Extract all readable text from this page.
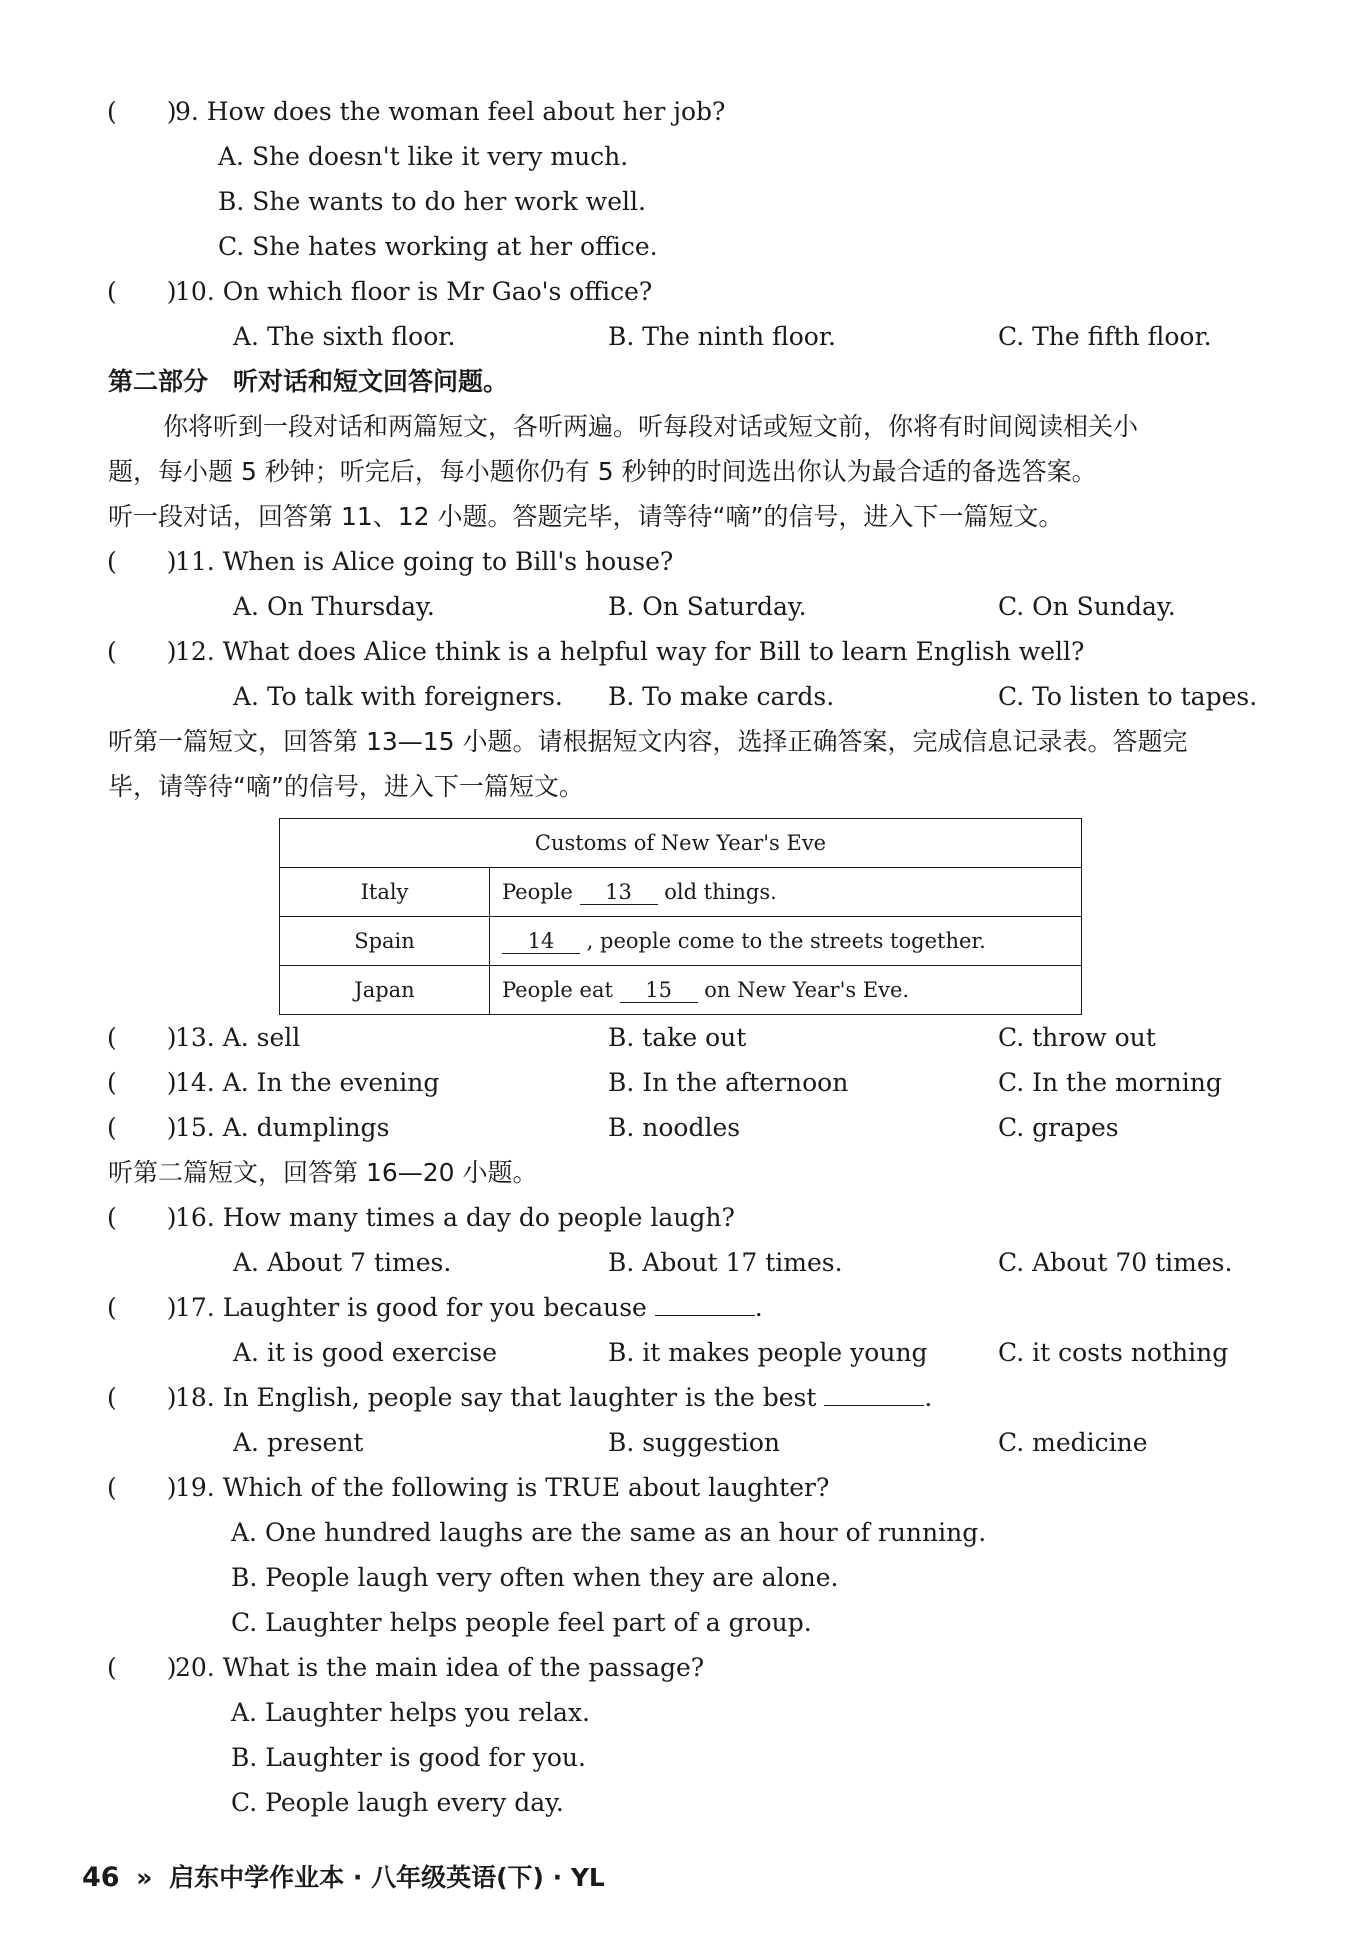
(　　)
9. How does the woman feel about her job?
A. She doesn't like it very much.
B. She wants to do her work well.
C. She hates working at her office.
(　　)
10. On which floor is Mr Gao's office?
A. The sixth floor.	B. The ninth floor.	C. The fifth floor.
第二部分　听对话和短文回答问题。
你将听到一段对话和两篇短文，各听两遍。听每段对话或短文前，你将有时间阅读相关小
题，每小题 5 秒钟；听完后，每小题你仍有 5 秒钟的时间选出你认为最合适的备选答案。
听一段对话，回答第 11、12 小题。答题完毕，请等待“嘀”的信号，进入下一篇短文。
(　　)
11. When is Alice going to Bill's house?
A. On Thursday.	B. On Saturday.	C. On Sunday.
(　　)
12. What does Alice think is a helpful way for Bill to learn English well?
A. To talk with foreigners. B. To make cards.	C. To listen to tapes.
听第一篇短文，回答第 13—15 小题。请根据短文内容，选择正确答案，完成信息记录表。答题完
毕，请等待“嘀”的信号，进入下一篇短文。
Customs of New Year's Eve	
Italy	People 13 old things.
Spain	14 , people come to the streets together.
Japan	People eat 15 on New Year's Eve.
(　　)
13. A. sell	B. take out	C. throw out
(　　)
14. A. In the evening	B. In the afternoon	C. In the morning
(　　)
15. A. dumplings	B. noodles	C. grapes
听第二篇短文，回答第 16—20 小题。
(　　)
16. How many times a day do people laugh?
A. About 7 times.	B. About 17 times.	C. About 70 times.
(　　)
17. Laughter is good for you because	.
A. it is good exercise	B. it makes people young	C. it costs nothing
(　　)
18. In English, people say that laughter is the best	.
A. present	B. suggestion	C. medicine
(　　)
19. Which of the following is TRUE about laughter?
A. One hundred laughs are the same as an hour of running.
B. People laugh very often when they are alone.
C. Laughter helps people feel part of a group.
(　　)
20. What is the main idea of the passage?
A. Laughter helps you relax.
B. Laughter is good for you.
C. People laugh every day.
46 » 启东中学作业本 · 八年级英语(下) · YL
